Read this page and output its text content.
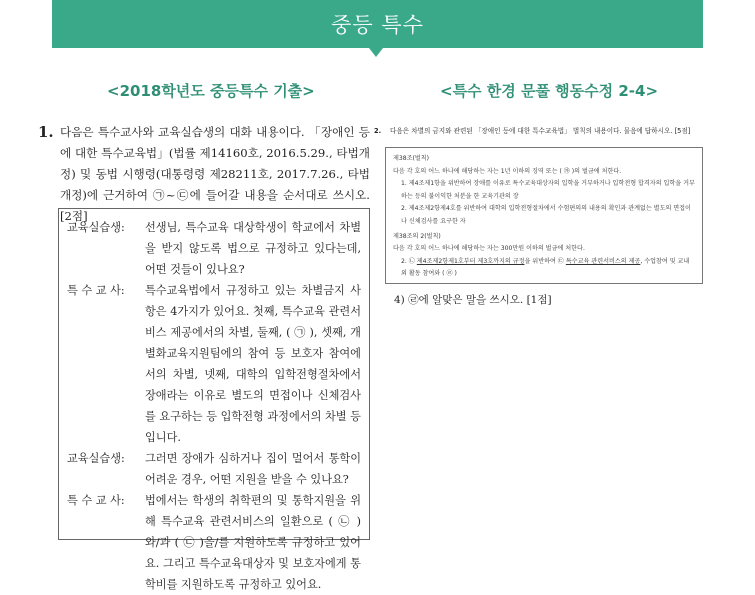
중등 특수
<2018학년도 중등특수 기출>	<특수 한경 문풀 행동수정 2-4>
1. 다음은 특수교사와 교육실습생의 대화 내용이다. 「장애인 등에 대한 특수교육법」(법률 제14160호, 2016.5.29., 타법개정) 및 동법 시행령(대통령령 제28211호, 2017.7.26., 타법개정)에 근거하여 ㉠~㉢에 들어갈 내용을 순서대로 쓰시오. [2점]
교육실습생:	선생님, 특수교육 대상학생이 학교에서 차별을 받지 않도록 법으로 규정하고 있다는데, 어떤 것들이 있나요?
특 수 교 사:	특수교육법에서 규정하고 있는 차별금지 사항은 4가지가 있어요. 첫째, 특수교육 관련서비스 제공에서의 차별, 둘째, ( ㉠ ), 셋째, 개별화교육지원팀에의 참여 등 보호자 참여에서의 차별, 넷째, 대학의 입학전형절차에서 장애라는 이유로 별도의 면접이나 신체검사를 요구하는 등 입학전형 과정에서의 차별 등입니다.
교육실습생:	그러면 장애가 심하거나 집이 멀어서 통학이 어려운 경우, 어떤 지원을 받을 수 있나요?
특 수 교 사:	법에서는 학생의 취학편의 및 통학지원을 위해 특수교육 관련서비스의 일환으로 ( ㉡ )와/과 ( ㉢ )을/를 지원하도록 규정하고 있어요. 그리고 특수교육대상자 및 보호자에게 통학비를 지원하도록 규정하고 있어요.
2.	다음은 차별의 금지와 관련된 「장애인 등에 대한 특수교육법」 벌칙의 내용이다. 물음에 답하시오. [5점]
제38조(벌칙)
다음 각 호의 어느 하나에 해당하는 자는 1년 이하의 징역 또는 ( ㉮ )의 벌금에 처한다.
1. 제4조제1항을 위반하여 장애를 이유로 특수교육대상자의 입학을 거부하거나 입학전형 합격자의 입학을 거부하는 등의 불이익한 처분을 한 교육기관의 장
2. 제4조제2항제4호를 위반하여 대학의 입학전형절차에서 수험편의의 내용의 확인과 관계없는 별도의 면접이나 신체검사를 요구한 자
제38조의 2(벌칙)
다음 각 호의 어느 하나에 해당하는 자는 300만원 이하의 벌금에 처한다.
2. ㉡ 제4조제2항제1호부터 제3호까지의 규정을 위반하여 ㉢ 특수교육 관련서비스의 제공, 수업참여 및 교내외 활동 참여와 ( ㉣ )
4) ㉣에 알맞은 말을 쓰시오. [1점]
